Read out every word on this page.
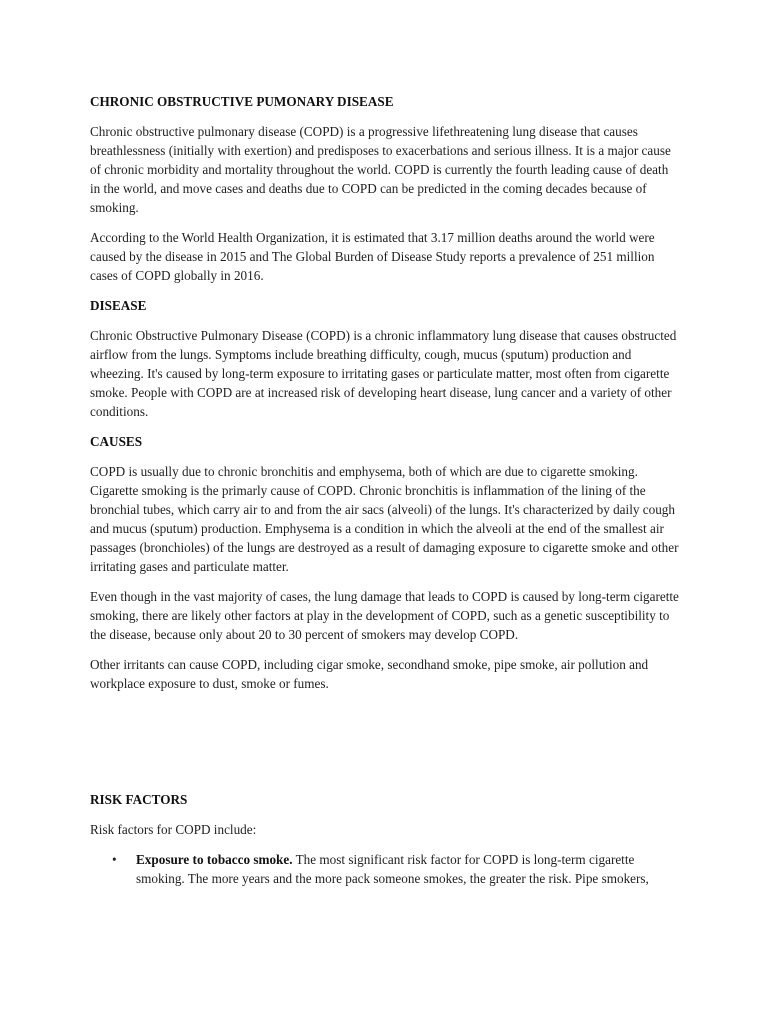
CHRONIC OBSTRUCTIVE PUMONARY DISEASE

Chronic obstructive pulmonary disease (COPD) is a progressive lifethreatening lung disease that causes breathlessness (initially with exertion) and predisposes to exacerbations and serious illness. It is a major cause of chronic morbidity and mortality throughout the world. COPD is currently the fourth leading cause of death in the world, and move cases and deaths due to COPD can be predicted in the coming decades because of smoking.

According to the World Health Organization, it is estimated that 3.17 million deaths around the world were caused by the disease in 2015 and The Global Burden of Disease Study reports a prevalence of 251 million cases of COPD globally in 2016.

DISEASE

Chronic Obstructive Pulmonary Disease (COPD) is a chronic inflammatory lung disease that causes obstructed airflow from the lungs. Symptoms include breathing difficulty, cough, mucus (sputum) production and wheezing. It's caused by long-term exposure to irritating gases or particulate matter, most often from cigarette smoke. People with COPD are at increased risk of developing heart disease, lung cancer and a variety of other conditions.

CAUSES

COPD is usually due to chronic bronchitis and emphysema, both of which are due to cigarette smoking. Cigarette smoking is the primarly cause of COPD. Chronic bronchitis is inflammation of the lining of the bronchial tubes, which carry air to and from the air sacs (alveoli) of the lungs. It's characterized by daily cough and mucus (sputum) production. Emphysema is a condition in which the alveoli at the end of the smallest air passages (bronchioles) of the lungs are destroyed as a result of damaging exposure to cigarette smoke and other irritating gases and particulate matter.

Even though in the vast majority of cases, the lung damage that leads to COPD is caused by long-term cigarette smoking, there are likely other factors at play in the development of COPD, such as a genetic susceptibility to the disease, because only about 20 to 30 percent of smokers may develop COPD.

Other irritants can cause COPD, including cigar smoke, secondhand smoke, pipe smoke, air pollution and workplace exposure to dust, smoke or fumes.

RISK FACTORS

Risk factors for COPD include:

• Exposure to tobacco smoke. The most significant risk factor for COPD is long-term cigarette smoking. The more years and the more pack someone smokes, the greater the risk. Pipe smokers,
